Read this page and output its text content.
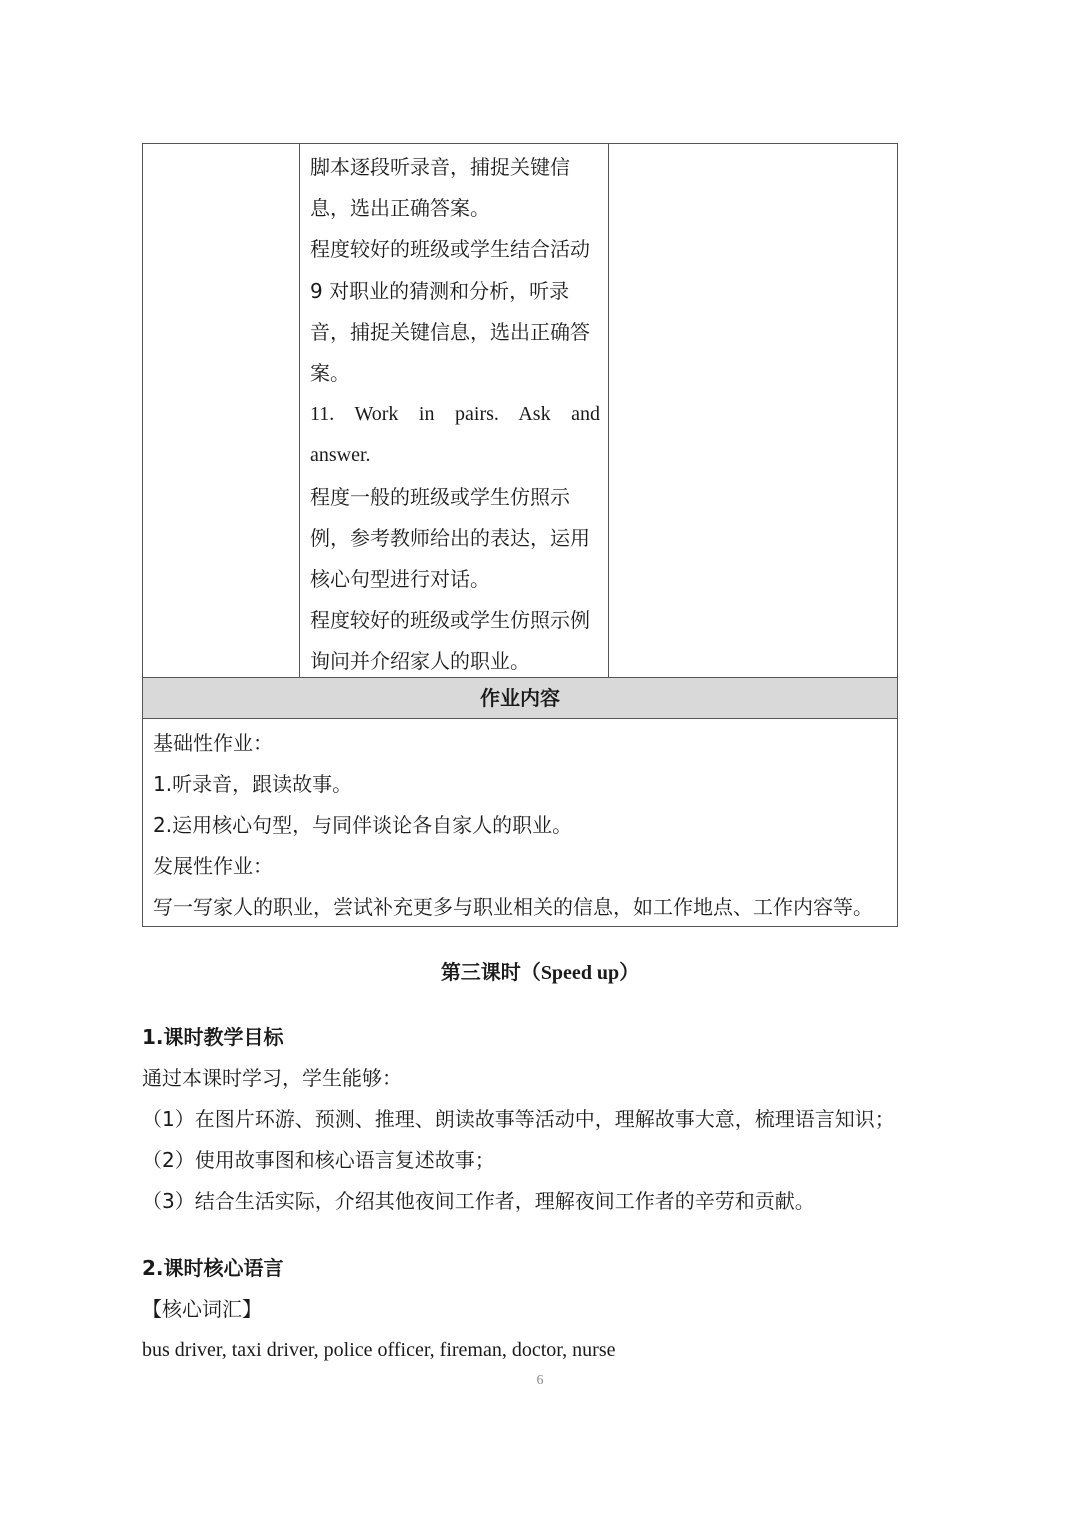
脚本逐段听录音，捕捉关键信息，选出正确答案。

程度较好的班级或学生结合活动 9 对职业的猜测和分析，听录音，捕捉关键信息，选出正确答案。

11. Work in pairs. Ask and

answer.

程度一般的班级或学生仿照示例，参考教师给出的表达，运用核心句型进行对话。

程度较好的班级或学生仿照示例询问并介绍家人的职业。

作业内容

基础性作业：

1.听录音，跟读故事。

2.运用核心句型，与同伴谈论各自家人的职业。

发展性作业：

写一写家人的职业，尝试补充更多与职业相关的信息，如工作地点、工作内容等。

第三课时（Speed up）

1.课时教学目标

通过本课时学习，学生能够：

（1）在图片环游、预测、推理、朗读故事等活动中，理解故事大意，梳理语言知识；

（2）使用故事图和核心语言复述故事；

（3）结合生活实际，介绍其他夜间工作者，理解夜间工作者的辛劳和贡献。

2.课时核心语言

【核心词汇】

bus driver, taxi driver, police officer, fireman, doctor, nurse

6
